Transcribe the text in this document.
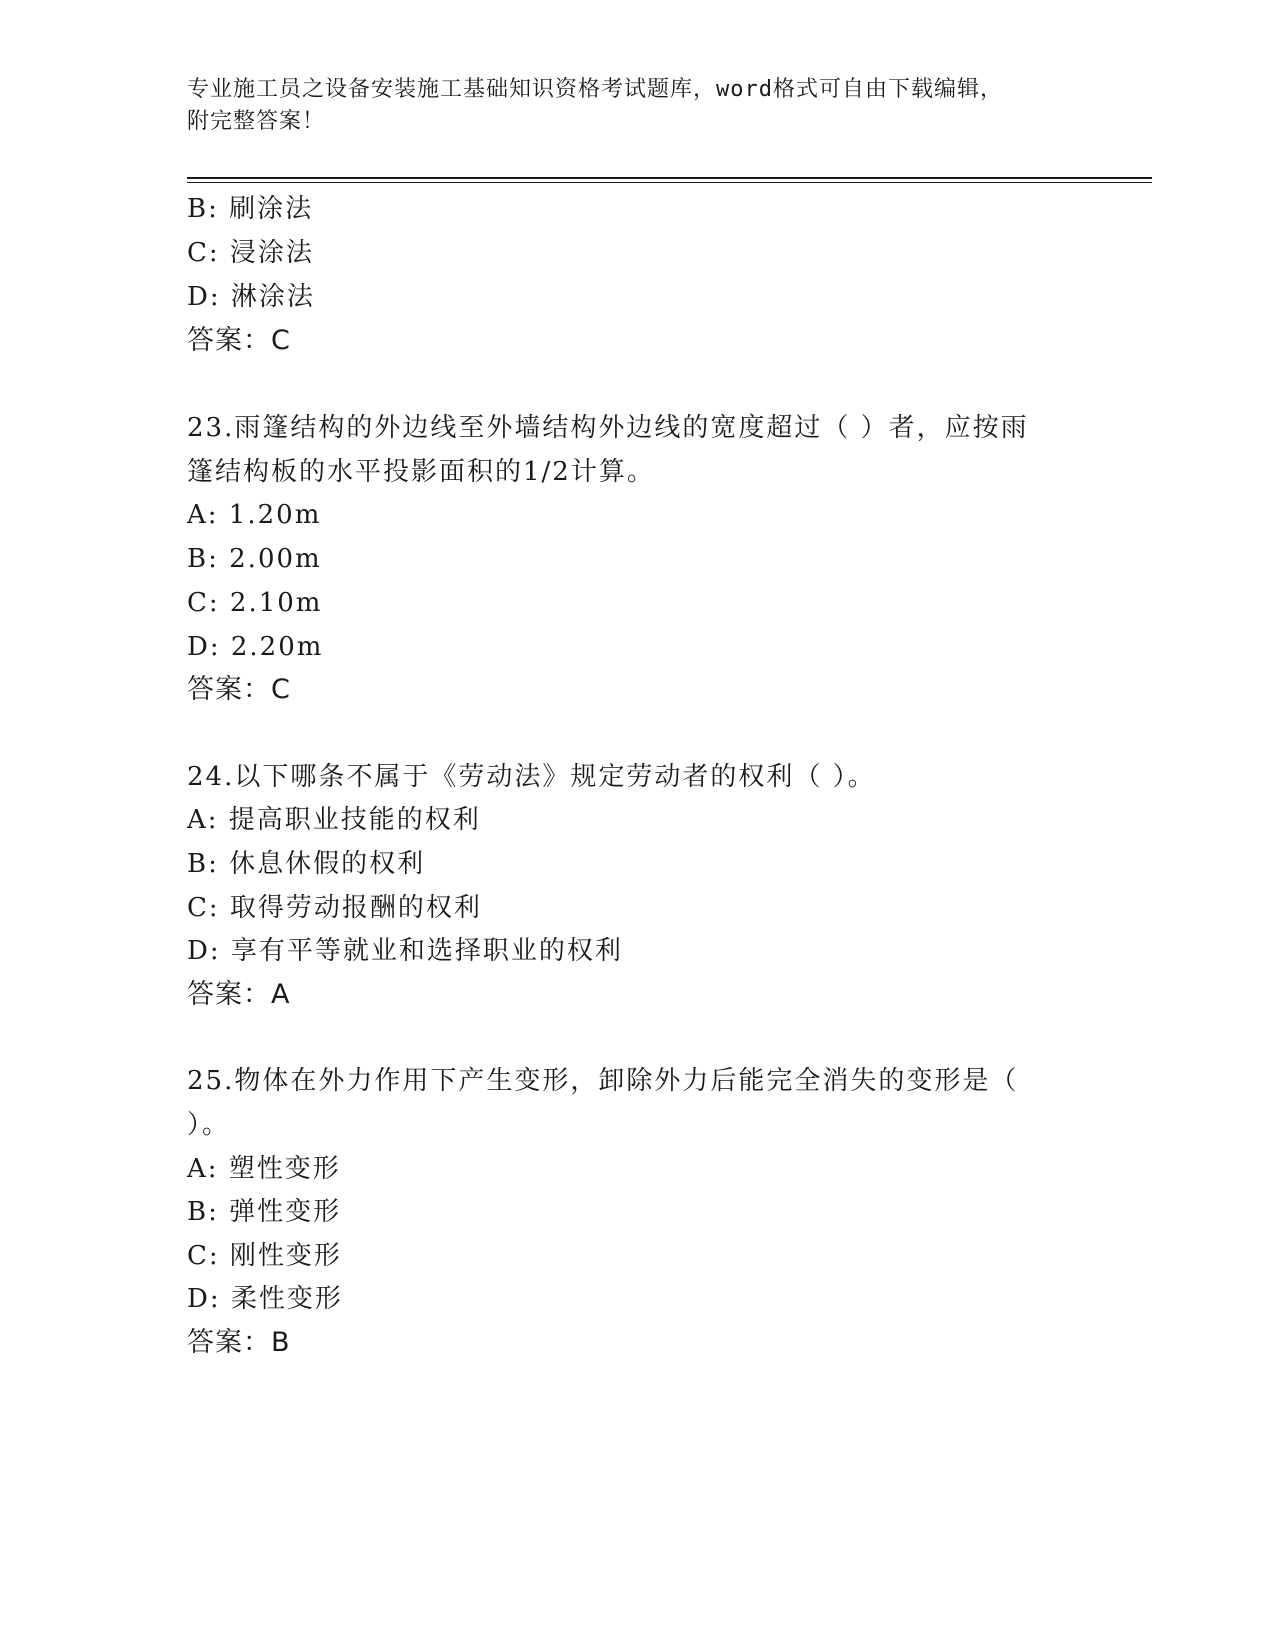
专业施工员之设备安装施工基础知识资格考试题库，word格式可自由下载编辑，
附完整答案！
B: 刷涂法
C: 浸涂法
D: 淋涂法
答案：C
23.雨篷结构的外边线至外墙结构外边线的宽度超过（ ）者，应按雨
篷结构板的水平投影面积的1/2计算。
A: 1.20m
B: 2.00m
C: 2.10m
D: 2.20m
答案：C
24.以下哪条不属于《劳动法》规定劳动者的权利（ ）。
A: 提高职业技能的权利
B: 休息休假的权利
C: 取得劳动报酬的权利
D: 享有平等就业和选择职业的权利
答案：A
25.物体在外力作用下产生变形，卸除外力后能完全消失的变形是（
）。
A: 塑性变形
B: 弹性变形
C: 刚性变形
D: 柔性变形
答案：B
